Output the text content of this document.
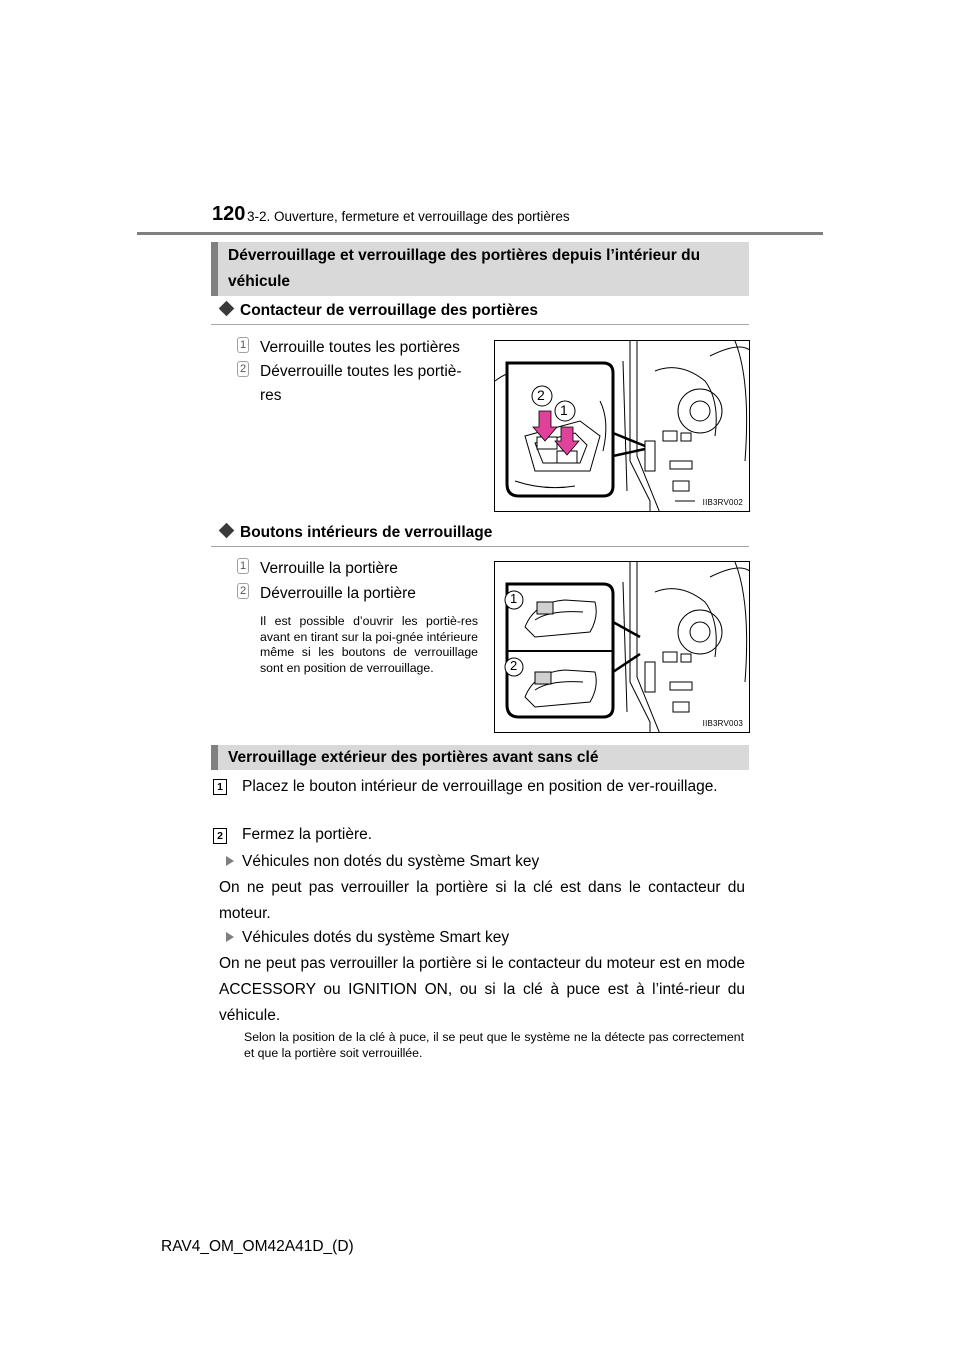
120 3-2. Ouverture, fermeture et verrouillage des portières
Déverrouillage et verrouillage des portières depuis l’intérieur du véhicule
Contacteur de verrouillage des portières
1 Verrouille toutes les portières
2 Déverrouille toutes les portiè-res	2
1
IIB3RV002
Boutons intérieurs de verrouillage
1 Verrouille la portière
2 Déverrouille la portière
Il est possible d’ouvrir les portiè-res avant en tirant sur la poi-gnée intérieure même si les boutons de verrouillage sont en position de verrouillage.
1
2
IIB3RV003
Verrouillage extérieur des portières avant sans clé
1 Placez le bouton intérieur de verrouillage en position de ver-rouillage.
2 Fermez la portière.
Véhicules non dotés du système Smart key
On ne peut pas verrouiller la portière si la clé est dans le contacteur du moteur.
Véhicules dotés du système Smart key
On ne peut pas verrouiller la portière si le contacteur du moteur est en mode ACCESSORY ou IGNITION ON, ou si la clé à puce est à l’inté-rieur du véhicule.
Selon la position de la clé à puce, il se peut que le système ne la détecte pas correctement et que la portière soit verrouillée.
RAV4_OM_OM42A41D_(D)
